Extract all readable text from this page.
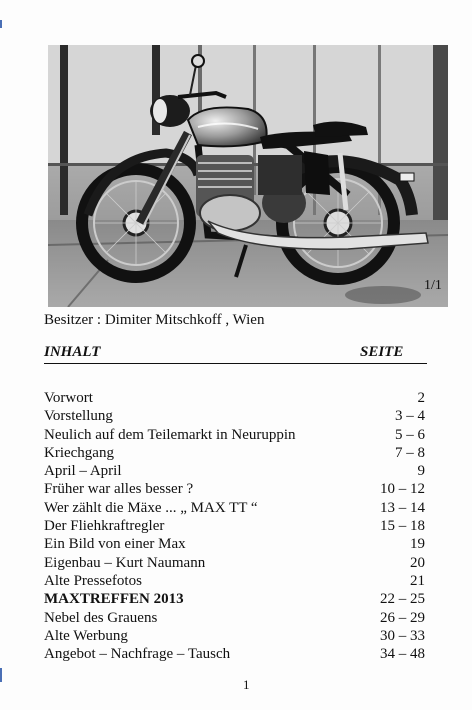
1/1
Besitzer : Dimiter Mitschkoff , Wien
INHALT	SEITE
Vorwort	2
Vorstellung	3 – 4
Neulich auf dem Teilemarkt in Neuruppin	5 – 6
Kriechgang	7 – 8
April – April	9
Früher war alles besser ?	10 – 12
Wer zählt die Mäxe ... „ MAX TT “	13 – 14
Der Fliehkraftregler	15 – 18
Ein Bild von einer Max	19
Eigenbau – Kurt Naumann	20
Alte Pressefotos	21
MAXTREFFEN 2013	22 – 25
Nebel des Grauens	26 – 29
Alte Werbung	30 – 33
Angebot – Nachfrage – Tausch	34 – 48
1
